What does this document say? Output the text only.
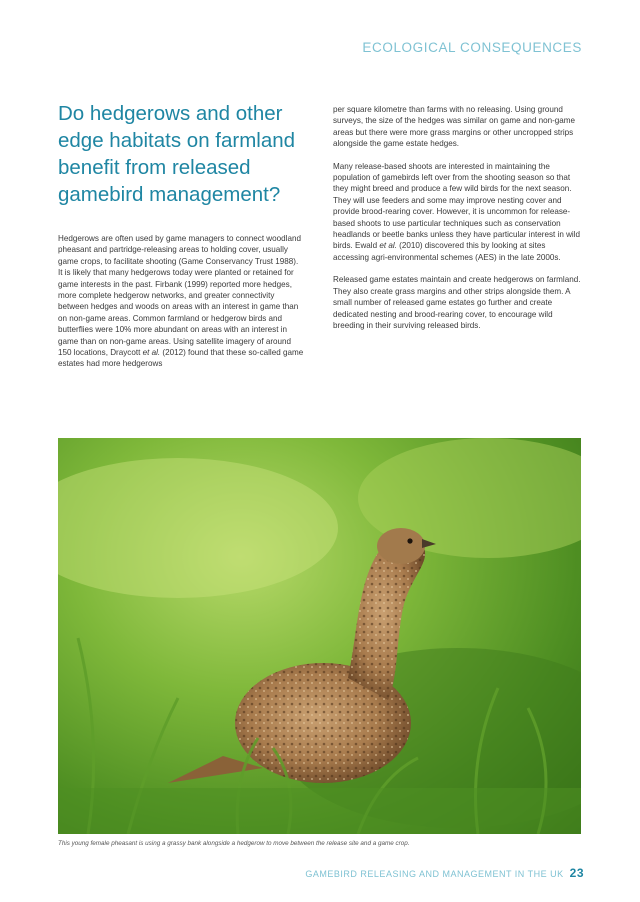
ECOLOGICAL CONSEQUENCES
Do hedgerows and other edge habitats on farmland benefit from released gamebird management?

Hedgerows are often used by game managers to connect woodland pheasant and partridge-releasing areas to holding cover, usually game crops, to facilitate shooting (Game Conservancy Trust 1988). It is likely that many hedgerows today were planted or retained for game interests in the past. Firbank (1999) reported more hedges, more complete hedgerow networks, and greater connectivity between hedges and woods on areas with an interest in game than on non-game areas. Common farmland or hedgerow birds and butterflies were 10% more abundant on areas with an interest in game than on non-game areas. Using satellite imagery of around 150 locations, Draycott et al. (2012) found that these so-called game estates had more hedgerows

per square kilometre than farms with no releasing. Using ground surveys, the size of the hedges was similar on game and non-game areas but there were more grass margins or other uncropped strips alongside the game estate hedges.

Many release-based shoots are interested in maintaining the population of gamebirds left over from the shooting season so that they might breed and produce a few wild birds for the next season. They will use feeders and some may improve nesting cover and provide brood-rearing cover. However, it is uncommon for release-based shoots to use particular techniques such as conservation headlands or beetle banks unless they have particular interest in wild birds. Ewald et al. (2010) discovered this by looking at sites accessing agri-environmental schemes (AES) in the late 2000s.

Released game estates maintain and create hedgerows on farmland. They also create grass margins and other strips alongside them. A small number of released game estates go further and create dedicated nesting and brood-rearing cover, to encourage wild breeding in their surviving released birds.

This young female pheasant is using a grassy bank alongside a hedgerow to move between the release site and a game crop.
GAMEBIRD RELEASING AND MANAGEMENT IN THE UK 23
